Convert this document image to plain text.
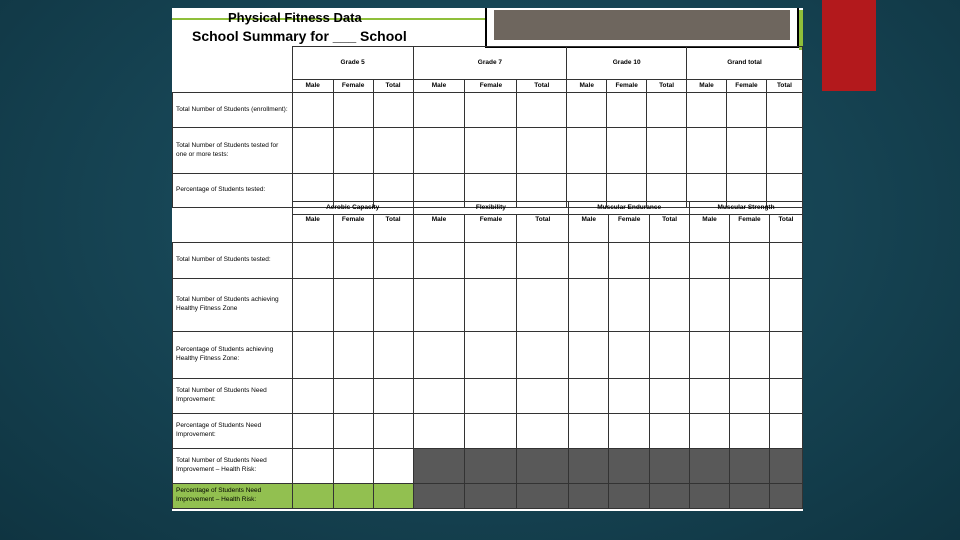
Physical Fitness Data
School Summary for ___ School
	Grade 5			Grade 7			Grade 10			Grand total		
	Male	Female	Total	Male	Female	Total	Male	Female	Total	Male	Female	Total
Total Number of Students (enrollment):												
Total Number of Students tested for one or more tests:												
Percentage of Students tested:												
	Aerobic Capacity			Flexibility			Muscular Endurance			Muscular Strength		
	Male	Female	Total	Male	Female	Total	Male	Female	Total	Male	Female	Total
Total Number of Students tested:												
Total Number of Students achieving Healthy Fitness Zone												
Percentage of Students achieving Healthy Fitness Zone:												
Total Number of Students Need Improvement:												
Percentage of Students Need Improvement:												
Total Number of Students Need Improvement – Health Risk:												
Percentage of Students Need Improvement – Health Risk:												
